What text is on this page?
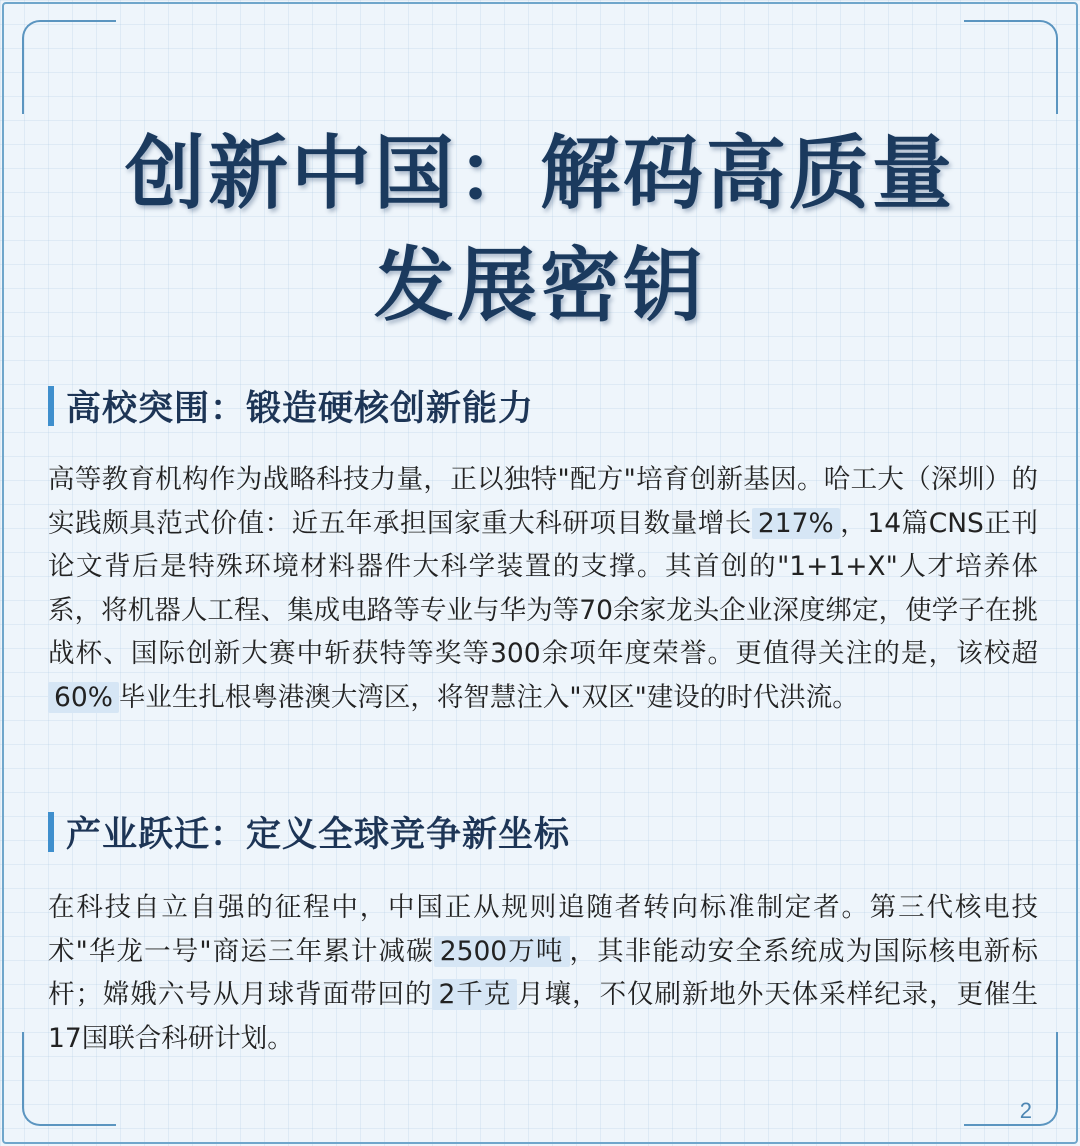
创新中国：解码高质量
发展密钥
高校突围：锻造硬核创新能力
高等教育机构作为战略科技力量，正以独特"配方"培育创新基因。哈工大（深圳）的实践颇具范式价值：近五年承担国家重大科研项目数量增长 217% ，14篇CNS正刊论文背后是特殊环境材料器件大科学装置的支撑。其首创的"1+1+X"人才培养体系，将机器人工程、集成电路等专业与华为等70余家龙头企业深度绑定，使学子在挑战杯、国际创新大赛中斩获特等奖等300余项年度荣誉。更值得关注的是，该校超60% 毕业生扎根粤港澳大湾区，将智慧注入"双区"建设的时代洪流。
产业跃迁：定义全球竞争新坐标
在科技自立自强的征程中，中国正从规则追随者转向标准制定者。第三代核电技术"华龙一号"商运三年累计减碳 2500万吨 ，其非能动安全系统成为国际核电新标杆；嫦娥六号从月球背面带回的 2千克 月壤，不仅刷新地外天体采样纪录，更催生17国联合科研计划。
2
